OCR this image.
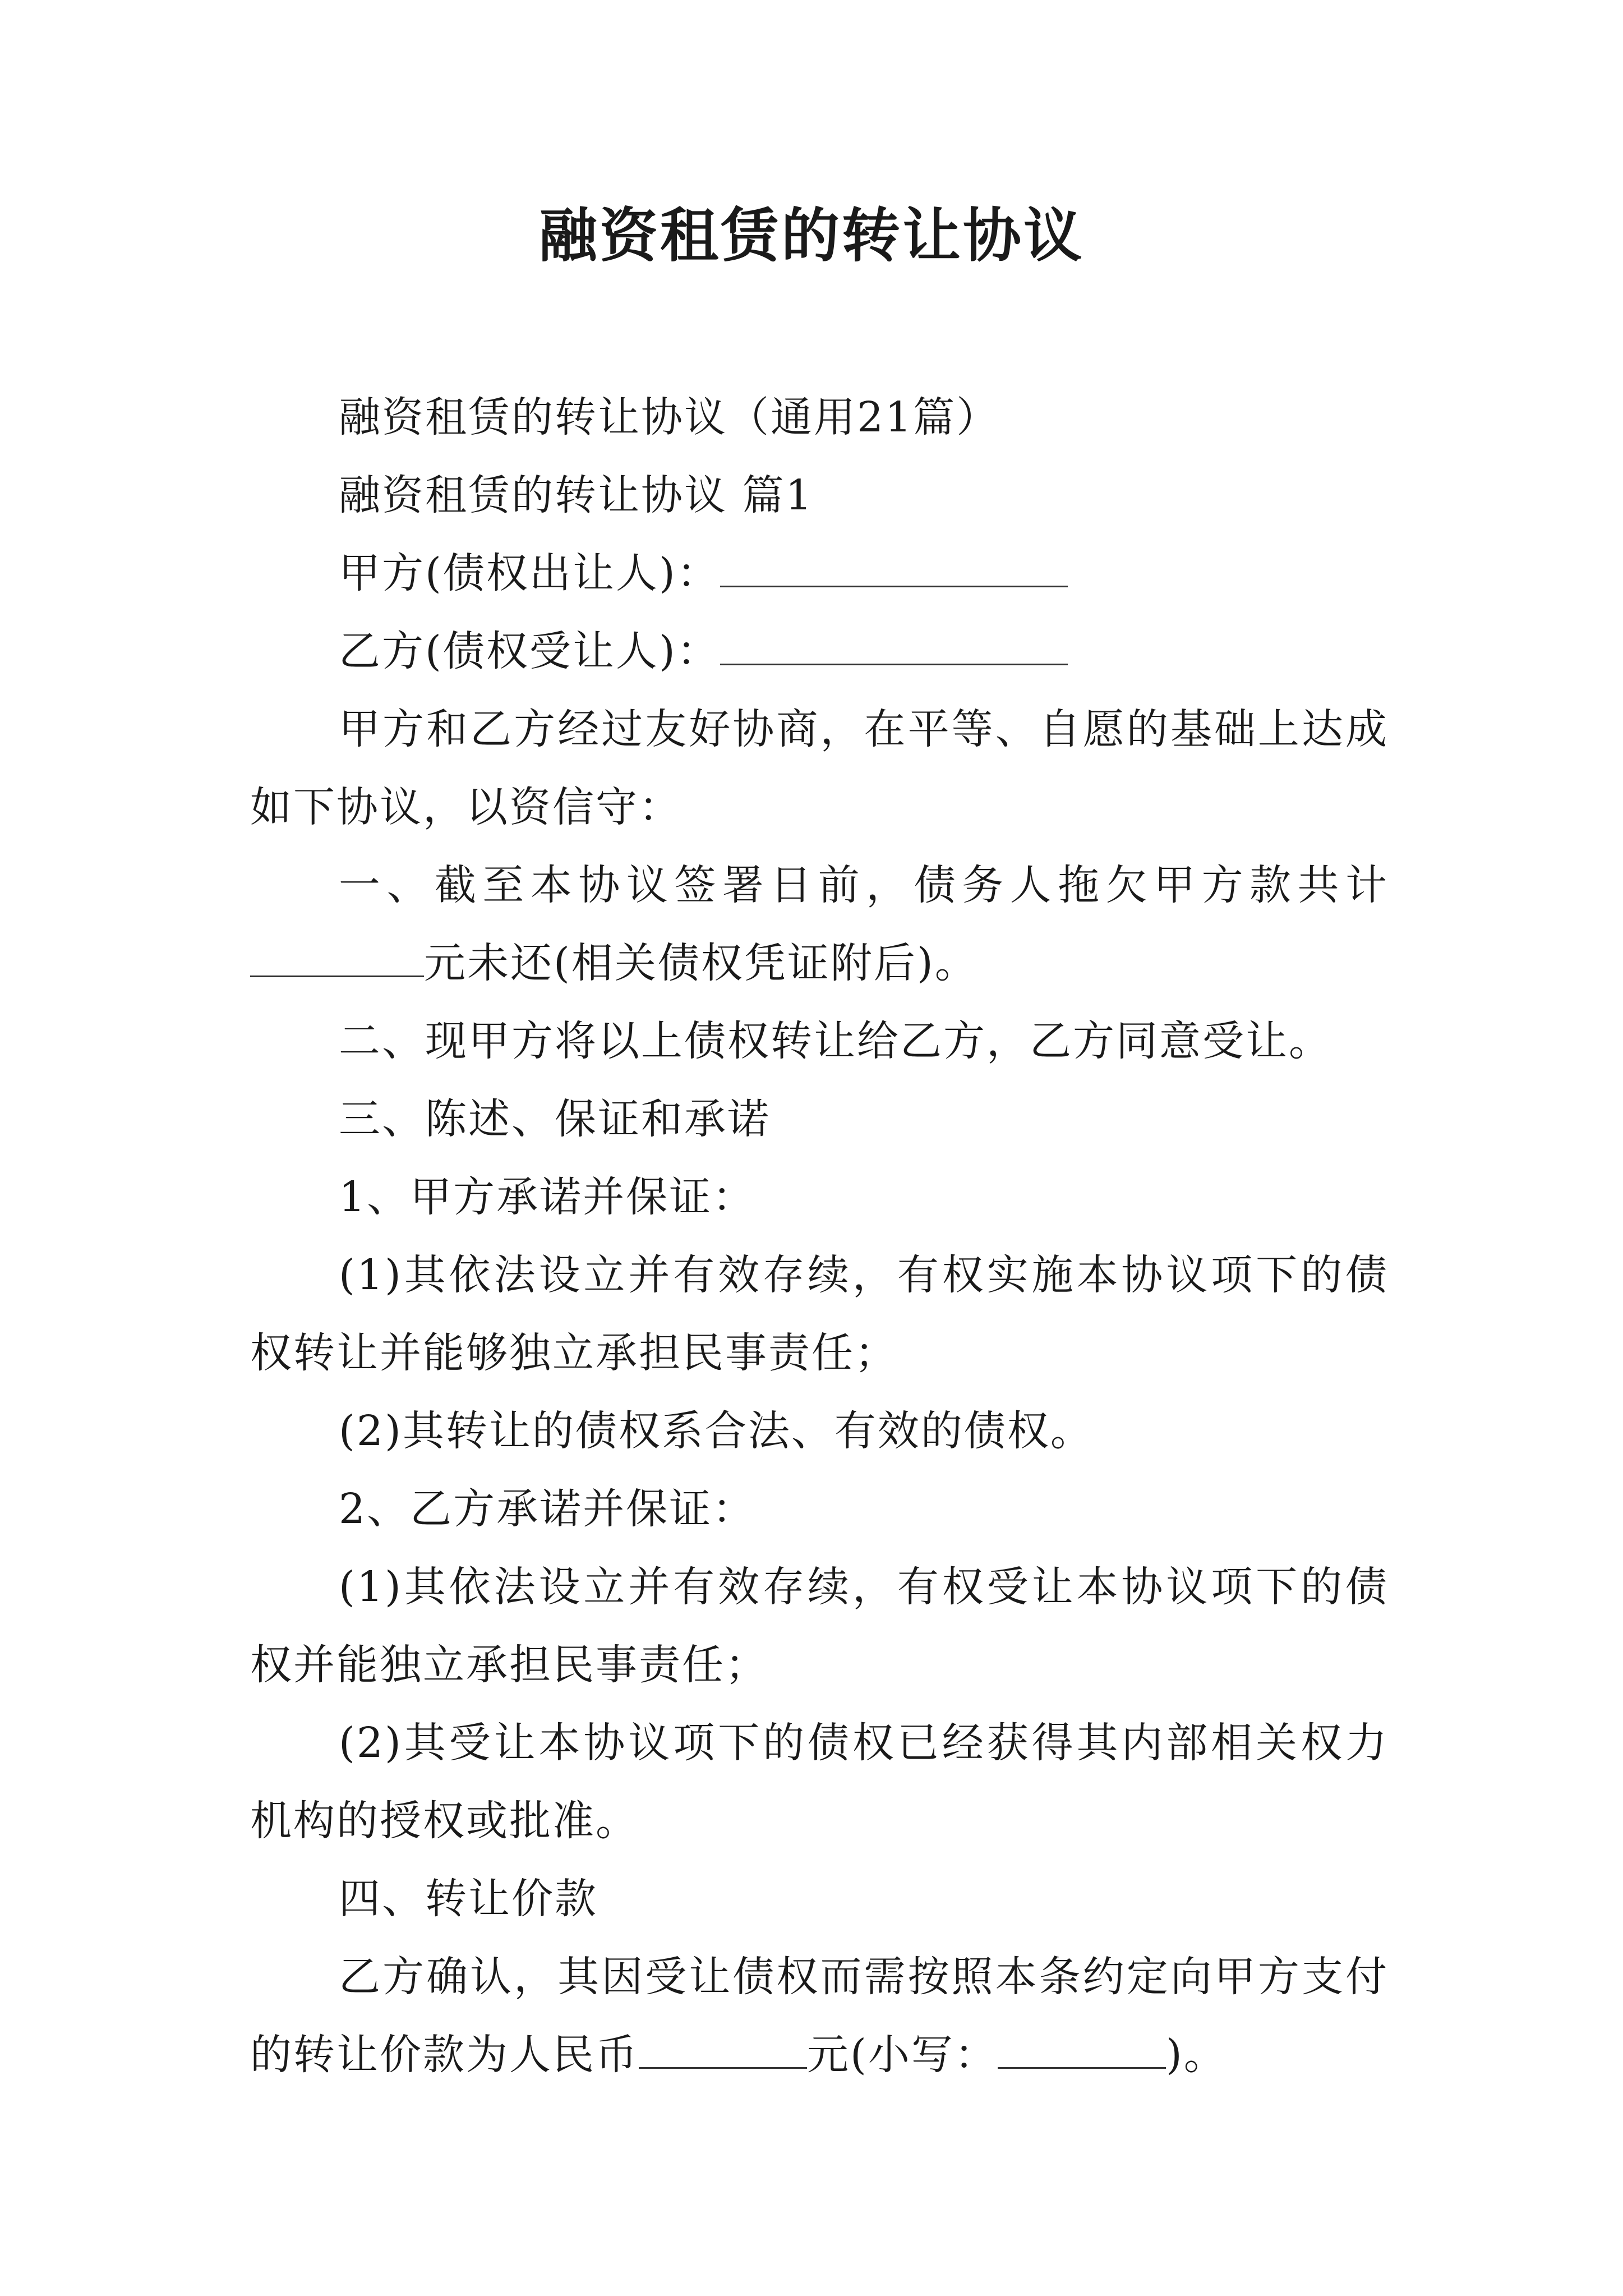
融资租赁的转让协议

融资租赁的转让协议（通用21篇）

融资租赁的转让协议 篇1

甲方(债权出让人)：

乙方(债权受让人)：

甲方和乙方经过友好协商，在平等、自愿的基础上达成如下协议，以资信守：

一、截至本协议签署日前，债务人拖欠甲方款共计元未还(相关债权凭证附后)。

二、现甲方将以上债权转让给乙方，乙方同意受让。

三、陈述、保证和承诺

1、甲方承诺并保证：

(1)其依法设立并有效存续，有权实施本协议项下的债权转让并能够独立承担民事责任；

(2)其转让的债权系合法、有效的债权。

2、乙方承诺并保证：

(1)其依法设立并有效存续，有权受让本协议项下的债权并能独立承担民事责任；

(2)其受让本协议项下的债权已经获得其内部相关权力机构的授权或批准。

四、转让价款

乙方确认，其因受让债权而需按照本条约定向甲方支付的转让价款为人民币	元(小写：	)。
